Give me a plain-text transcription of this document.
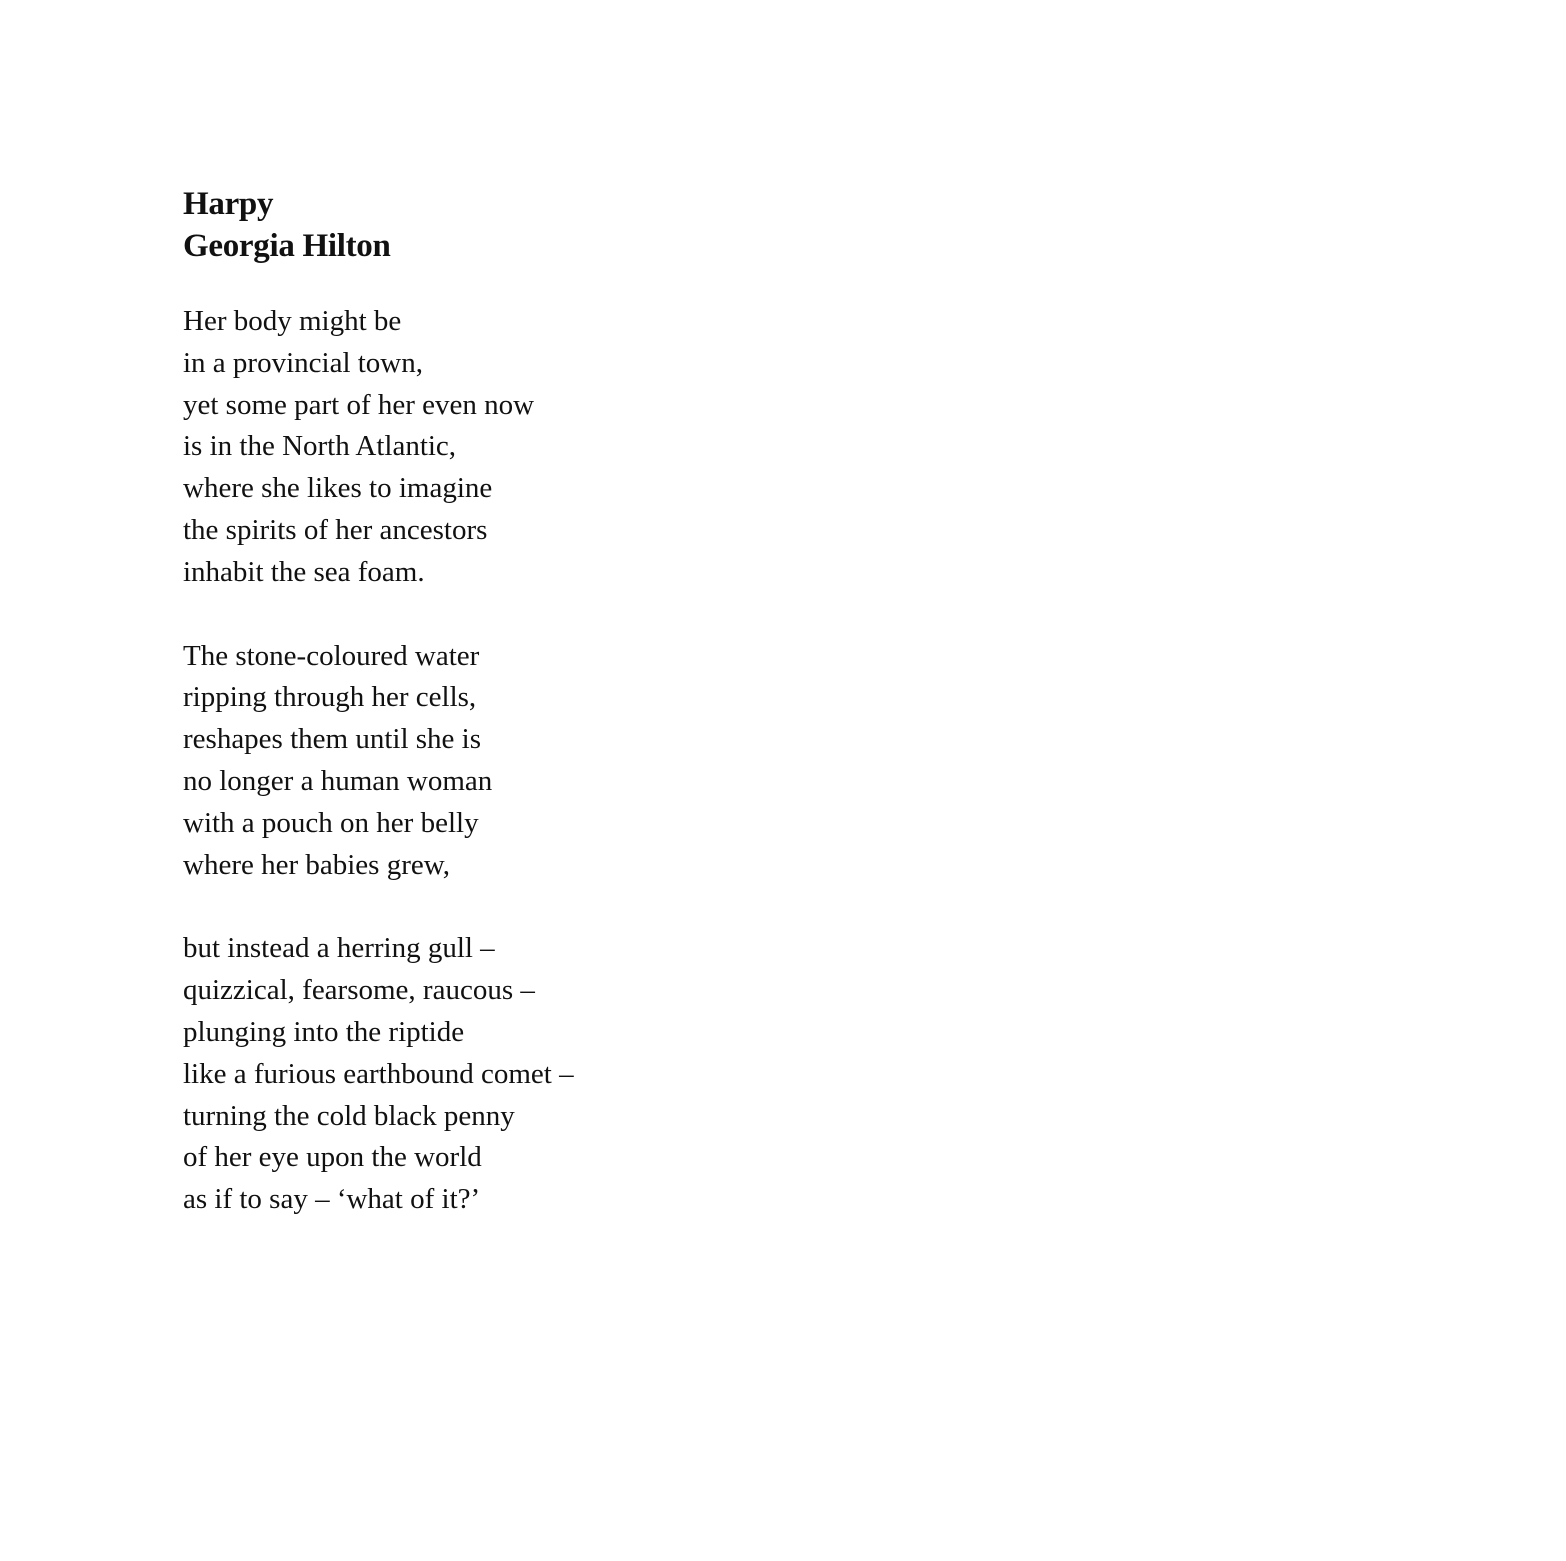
Harpy
Georgia Hilton
Her body might be
in a provincial town,
yet some part of her even now
is in the North Atlantic,
where she likes to imagine
the spirits of her ancestors
inhabit the sea foam.
The stone-coloured water
ripping through her cells,
reshapes them until she is
no longer a human woman
with a pouch on her belly
where her babies grew,
but instead a herring gull –
quizzical, fearsome, raucous –
plunging into the riptide
like a furious earthbound comet –
turning the cold black penny
of her eye upon the world
as if to say – ‘what of it?’
